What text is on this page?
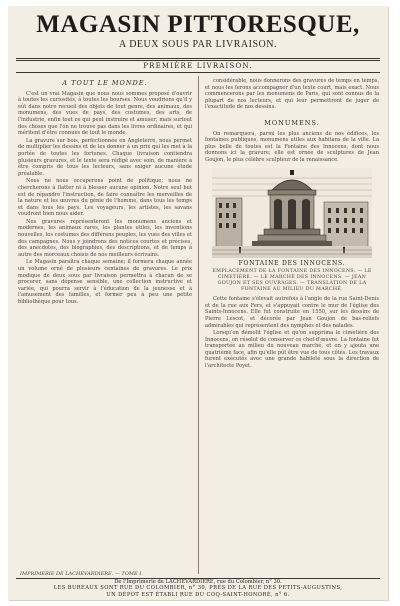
MAGASIN PITTORESQUE,
A DEUX SOUS PAR LIVRAISON.
PREMIÈRE LIVRAISON.
A TOUT LE MONDE.

C'est un vrai Magasin que nous nous sommes proposé d'ouvrir à toutes les curiosités, à toutes les bourses. Nous voudrions qu'il y eût dans notre recueil des objets de tout genre, des animaux, des monumens, des vues de pays, des costumes, des arts, de l'industrie, enfin tout ce qui peut instruire et amuser; mais surtout des choses que l'on ne trouve pas dans les livres ordinaires, et qui méritent d'être connues de tout le monde.

La gravure sur bois, perfectionnée en Angleterre, nous permet de multiplier les dessins et de les donner à un prix qui les met à la portée de toutes les fortunes. Chaque livraison contiendra plusieurs gravures, et le texte sera rédigé avec soin, de manière à être compris de tous les lecteurs, sans exiger aucune étude préalable.

Nous ne nous occuperons point de politique; nous ne chercherons à flatter ni à blesser aucune opinion. Notre seul but est de répandre l'instruction, de faire connaître les merveilles de la nature et les œuvres du génie de l'homme, dans tous les temps et dans tous les pays. Les voyageurs, les artistes, les savans voudront bien nous aider.

Nos gravures représenteront les monumens anciens et modernes, les animaux rares, les plantes utiles, les inventions nouvelles, les costumes des différens peuples, les vues des villes et des campagnes. Nous y joindrons des notices courtes et précises, des anecdotes, des biographies, des descriptions, et de temps à autre des morceaux choisis de nos meilleurs écrivains.

Le Magasin paraîtra chaque semaine; il formera chaque année un volume orné de plusieurs centaines de gravures. Le prix modique de deux sous par livraison permettra à chacun de se procurer, sans dépense sensible, une collection instructive et variée, qui pourra servir à l'éducation de la jeunesse et à l'amusement des familles, et former peu à peu une petite bibliothèque pour tous.

considérable, nous donnerons des gravures de temps en temps, et nous les ferons accompagner d'un texte court, mais exact. Nous commencerons par les monumens de Paris, qui sont connus de la plupart de nos lecteurs, et qui leur permettront de juger de l'exactitude de nos dessins.

MONUMENS.

On remarquera, parmi les plus anciens de nos édifices, les fontaines publiques, monumens utiles aux habitans de la ville. La plus belle de toutes est la Fontaine des Innocens, dont nous donnons ici la gravure; elle est ornée de sculptures de Jean Goujon, le plus célèbre sculpteur de la renaissance.

FONTAINE DES INNOCENS.
EMPLACEMENT DE LA FONTAINE DES INNOCENS. — LE CIMETIÈRE. — LE MARCHÉ DES INNOCENS. — JEAN GOUJON ET SES OUVRAGES. — TRANSLATION DE LA FONTAINE AU MILIEU DU MARCHÉ.

Cette fontaine s'élevait autrefois à l'angle de la rue Saint-Denis et de la rue aux Fers, et s'appuyait contre le mur de l'église des Saints-Innocens. Elle fut construite en 1550, sur les dessins de Pierre Lescot, et décorée par Jean Goujon de bas-reliefs admirables qui représentent des nymphes et des naïades.

Lorsqu'on démolit l'église et qu'on supprima le cimetière des Innocens, on résolut de conserver ce chef-d'œuvre. La fontaine fut transportée au milieu du nouveau marché, et on y ajouta une quatrième face, afin qu'elle pût être vue de tous côtés. Les travaux furent exécutés avec une grande habileté sous la direction de l'architecte Poyet.

IMPRIMERIE DE LACHEVARDIERE. — TOME I.
De l'Imprimerie de LACHEVARDIERE, rue du Colombier, n° 30.
LES BUREAUX SONT RUE DU COLOMBIER, n° 30, PRÈS DE LA RUE DES PETITS-AUGUSTINS,
UN DÉPOT EST ÉTABLI RUE DU COQ-SAINT-HONORÉ, n° 6.
